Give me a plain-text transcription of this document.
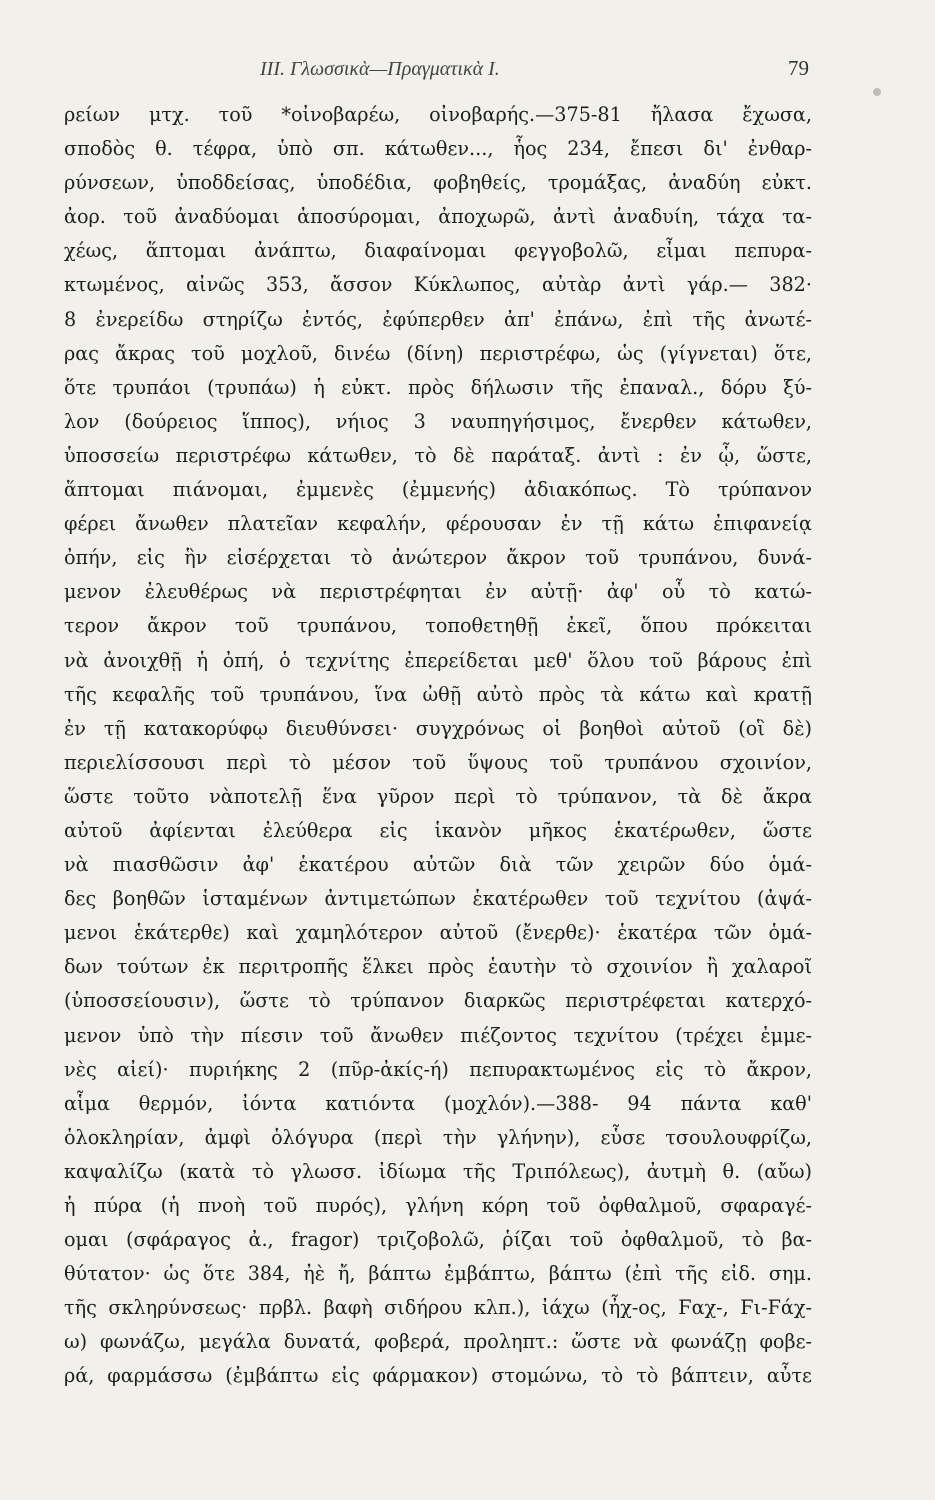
III. Γλωσσικὰ—Πραγματικὰ I.	79
ρείων μτχ. τοῦ *οἰνοβαρέω, οἰνοβαρής.—375-81 ἤλασα ἔχωσα,
σποδὸς θ. τέφρα, ὑπὸ σπ. κάτωθεν..., ἧος 234, ἔπεσι δι' ἐνθαρ-
ρύνσεων, ὑποδδείσας, ὑποδέδια, φοβηθείς, τρομάξας, ἀναδύη εὐκτ.
ἀορ. τοῦ ἀναδύομαι ἀποσύρομαι, ἀποχωρῶ, ἀντὶ ἀναδυίη, τάχα τα-
χέως, ἅπτομαι ἀνάπτω, διαφαίνομαι φεγγοβολῶ, εἶμαι πεπυρα-
κτωμένος, αἰνῶς 353, ἄσσον Κύκλωπος, αὐτὰρ ἀντὶ γάρ.— 382·
8 ἐνερείδω στηρίζω ἐντός, ἐφύπερθεν ἀπ' ἐπάνω, ἐπὶ τῆς ἀνωτέ-
ρας ἄκρας τοῦ μοχλοῦ, δινέω (δίνη) περιστρέφω, ὡς (γίγνεται) ὅτε,
ὅτε τρυπάοι (τρυπάω) ἡ εὐκτ. πρὸς δήλωσιν τῆς ἐπαναλ., δόρυ ξύ-
λον (δούρειος ἵππος), νήιος 3 ναυπηγήσιμος, ἔνερθεν κάτωθεν,
ὑποσσείω περιστρέφω κάτωθεν, τὸ δὲ παράταξ. ἀντὶ : ἐν ᾧ, ὥστε,
ἅπτομαι πιάνομαι, ἐμμενὲς (ἐμμενής) ἀδιακόπως. Τὸ τρύπανον
φέρει ἄνωθεν πλατεῖαν κεφαλήν, φέρουσαν ἐν τῇ κάτω ἐπιφανείᾳ
ὀπήν, εἰς ἣν εἰσέρχεται τὸ ἀνώτερον ἄκρον τοῦ τρυπάνου, δυνά-
μενον ἐλευθέρως νὰ περιστρέφηται ἐν αὐτῇ· ἀφ' οὗ τὸ κατώ-
τερον ἄκρον τοῦ τρυπάνου, τοποθετηθῇ ἐκεῖ, ὅπου πρόκειται
νὰ ἀνοιχθῇ ἡ ὀπή, ὁ τεχνίτης ἐπερείδεται μεθ' ὅλου τοῦ βάρους ἐπὶ
τῆς κεφαλῆς τοῦ τρυπάνου, ἵνα ὠθῇ αὐτὸ πρὸς τὰ κάτω καὶ κρατῇ
ἐν τῇ κατακορύφῳ διευθύνσει· συγχρόνως οἱ βοηθοὶ αὐτοῦ (οἳ δὲ)
περιελίσσουσι περὶ τὸ μέσον τοῦ ὕψους τοῦ τρυπάνου σχοινίον,
ὥστε τοῦτο νὰποτελῇ ἕνα γῦρον περὶ τὸ τρύπανον, τὰ δὲ ἄκρα
αὐτοῦ ἀφίενται ἐλεύθερα εἰς ἱκανὸν μῆκος ἑκατέρωθεν, ὥστε
νὰ πιασθῶσιν ἀφ' ἑκατέρου αὐτῶν διὰ τῶν χειρῶν δύο ὁμά-
δες βοηθῶν ἱσταμένων ἀντιμετώπων ἑκατέρωθεν τοῦ τεχνίτου (ἀψά-
μενοι ἑκάτερθε) καὶ χαμηλότερον αὐτοῦ (ἔνερθε)· ἑκατέρα τῶν ὁμά-
δων τούτων ἐκ περιτροπῆς ἕλκει πρὸς ἑαυτὴν τὸ σχοινίον ἢ χαλαροῖ
(ὑποσσείουσιν), ὥστε τὸ τρύπανον διαρκῶς περιστρέφεται κατερχό-
μενον ὑπὸ τὴν πίεσιν τοῦ ἄνωθεν πιέζοντος τεχνίτου (τρέχει ἐμμε-
νὲς αἰεί)· πυριήκης 2 (πῦρ-ἀκίς-ή) πεπυρακτωμένος εἰς τὸ ἄκρον,
αἷμα θερμόν, ἰόντα κατιόντα (μοχλόν).—388- 94 πάντα καθ'
ὁλοκληρίαν, ἀμφὶ ὁλόγυρα (περὶ τὴν γλήνην), εὗσε τσουλουφρίζω,
καψαλίζω (κατὰ τὸ γλωσσ. ἰδίωμα τῆς Τριπόλεως), ἀυτμὴ θ. (αὔω)
ἡ πύρα (ἡ πνοὴ τοῦ πυρός), γλήνη κόρη τοῦ ὀφθαλμοῦ, σφαραγέ-
ομαι (σφάραγος ἀ., fragor) τριζοβολῶ, ῥίζαι τοῦ ὀφθαλμοῦ, τὸ βα-
θύτατον· ὡς ὅτε 384, ἠὲ ἤ, βάπτω ἐμβάπτω, βάπτω (ἐπὶ τῆς εἰδ. σημ.
τῆς σκληρύνσεως· πρβλ. βαφὴ σιδήρου κλπ.), ἰάχω (ἦχ-ος, Ϝαχ-, Ϝι-Ϝάχ-
ω) φωνάζω, μεγάλα δυνατά, φοβερά, προληπτ.: ὥστε νὰ φωνάζῃ φοβε-
ρά, φαρμάσσω (ἐμβάπτω εἰς φάρμακον) στομώνω, τὸ τὸ βάπτειν, αὖτε
